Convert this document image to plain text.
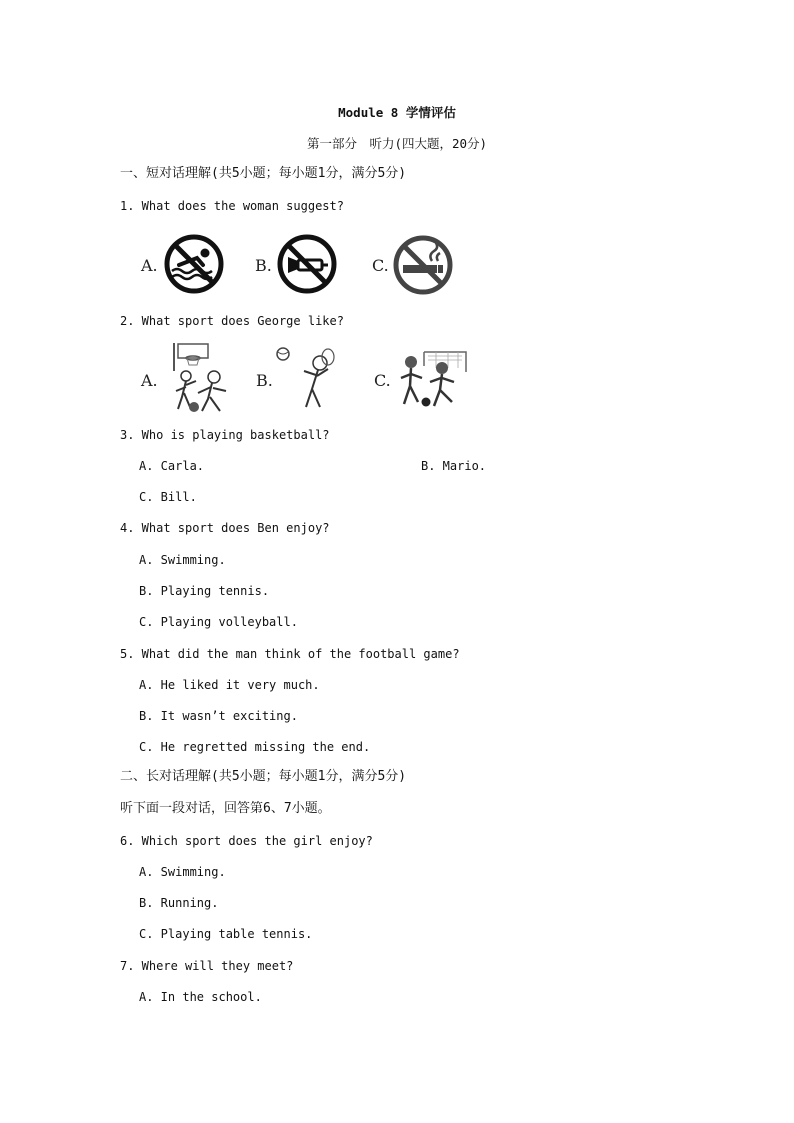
Module 8 学情评估
第一部分　听力(四大题，20分)
一、短对话理解(共5小题；每小题1分，满分5分)
1. What does the woman suggest?
A.	B.	C.
2. What sport does George like?
A.	B.	C.
3. Who is playing basketball?
A. Carla.	B. Mario.
C. Bill.
4. What sport does Ben enjoy?
A. Swimming.
B. Playing tennis.
C. Playing volleyball.
5. What did the man think of the football game?
A. He liked it very much.
B. It wasn’t exciting.
C. He regretted missing the end.
二、长对话理解(共5小题；每小题1分，满分5分)
听下面一段对话，回答第6、7小题。
6. Which sport does the girl enjoy?
A. Swimming.
B. Running.
C. Playing table tennis.
7. Where will they meet?
A. In the school.
